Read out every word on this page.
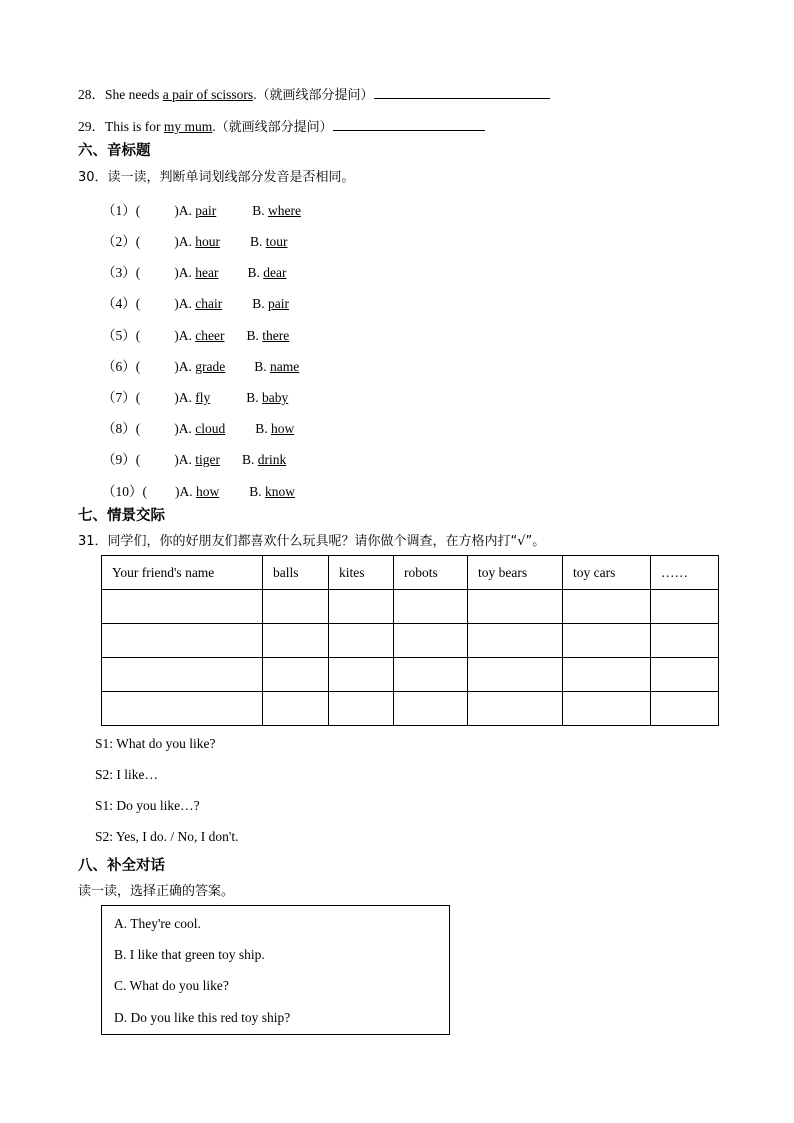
28．She needs a pair of scissors.（就画线部分提问）
29．This is for my mum.（就画线部分提问）
六、音标题
30．读一读，判断单词划线部分发音是否相同。
（1）(	)A. pair	B. where
（2）(	)A. hour B. tour
（3）(	)A. hear B. dear
（4）(	)A. chair B. pair
（5）(	)A. cheer B. there
（6）(	)A. grade B. name
（7）(	)A. fly	B. baby
（8）(	)A. cloud B. how
（9）(	)A. tiger B. drink
（10）( )A. how B. know
七、情景交际
31．同学们，你的好朋友们都喜欢什么玩具呢？请你做个调查，在方格内打“√”。
Your friend's name	balls	kites	robots	toy bears	toy cars	……

S1: What do you like?
S2: I like…
S1: Do you like…?
S2: Yes, I do. / No, I don't.
八、补全对话
读一读，选择正确的答案。
A. They're cool.
B. I like that green toy ship.
C. What do you like?
D. Do you like this red toy ship?
